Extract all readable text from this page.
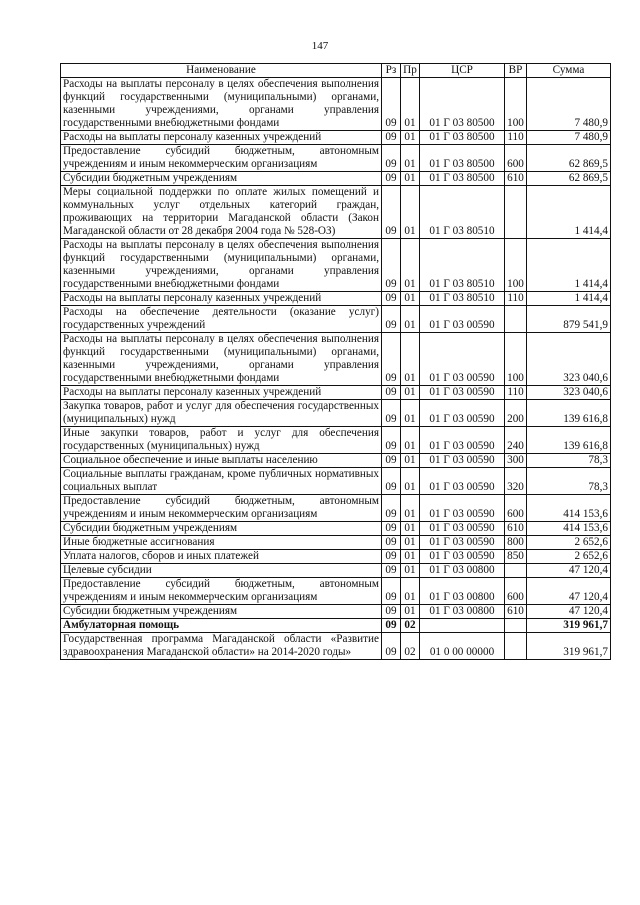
147
Наименование	Рз	Пр	ЦСР	ВР	Сумма
Расходы на выплаты персоналу в целях обеспечения выполнения функций государственными (муниципальными) органами, казенными учреждениями, органами управления государственными внебюджетными фондами	09	01	01 Г 03 80500	100	7 480,9
Расходы на выплаты персоналу казенных учреждений	09	01	01 Г 03 80500	110	7 480,9
Предоставление субсидий бюджетным, автономным учреждениям и иным некоммерческим организациям	09	01	01 Г 03 80500	600	62 869,5
Субсидии бюджетным учреждениям	09	01	01 Г 03 80500	610	62 869,5
Меры социальной поддержки по оплате жилых помещений и коммунальных услуг отдельных категорий граждан, проживающих на территории Магаданской области (Закон Магаданской области от 28 декабря 2004 года № 528-ОЗ)	09	01	01 Г 03 80510		1 414,4
Расходы на выплаты персоналу в целях обеспечения выполнения функций государственными (муниципальными) органами, казенными учреждениями, органами управления государственными внебюджетными фондами	09	01	01 Г 03 80510	100	1 414,4
Расходы на выплаты персоналу казенных учреждений	09	01	01 Г 03 80510	110	1 414,4
Расходы на обеспечение деятельности (оказание услуг) государственных учреждений	09	01	01 Г 03 00590		879 541,9
Расходы на выплаты персоналу в целях обеспечения выполнения функций государственными (муниципальными) органами, казенными учреждениями, органами управления государственными внебюджетными фондами	09	01	01 Г 03 00590	100	323 040,6
Расходы на выплаты персоналу казенных учреждений	09	01	01 Г 03 00590	110	323 040,6
Закупка товаров, работ и услуг для обеспечения государственных (муниципальных) нужд	09	01	01 Г 03 00590	200	139 616,8
Иные закупки товаров, работ и услуг для обеспечения государственных (муниципальных) нужд	09	01	01 Г 03 00590	240	139 616,8
Социальное обеспечение и иные выплаты населению	09	01	01 Г 03 00590	300	78,3
Социальные выплаты гражданам, кроме публичных нормативных социальных выплат	09	01	01 Г 03 00590	320	78,3
Предоставление субсидий бюджетным, автономным учреждениям и иным некоммерческим организациям	09	01	01 Г 03 00590	600	414 153,6
Субсидии бюджетным учреждениям	09	01	01 Г 03 00590	610	414 153,6
Иные бюджетные ассигнования	09	01	01 Г 03 00590	800	2 652,6
Уплата налогов, сборов и иных платежей	09	01	01 Г 03 00590	850	2 652,6
Целевые субсидии	09	01	01 Г 03 00800		47 120,4
Предоставление субсидий бюджетным, автономным учреждениям и иным некоммерческим организациям	09	01	01 Г 03 00800	600	47 120,4
Субсидии бюджетным учреждениям	09	01	01 Г 03 00800	610	47 120,4
Амбулаторная помощь	09	02			319 961,7
Государственная программа Магаданской области «Развитие здравоохранения Магаданской области» на 2014-2020 годы»	09	02	01 0 00 00000		319 961,7
